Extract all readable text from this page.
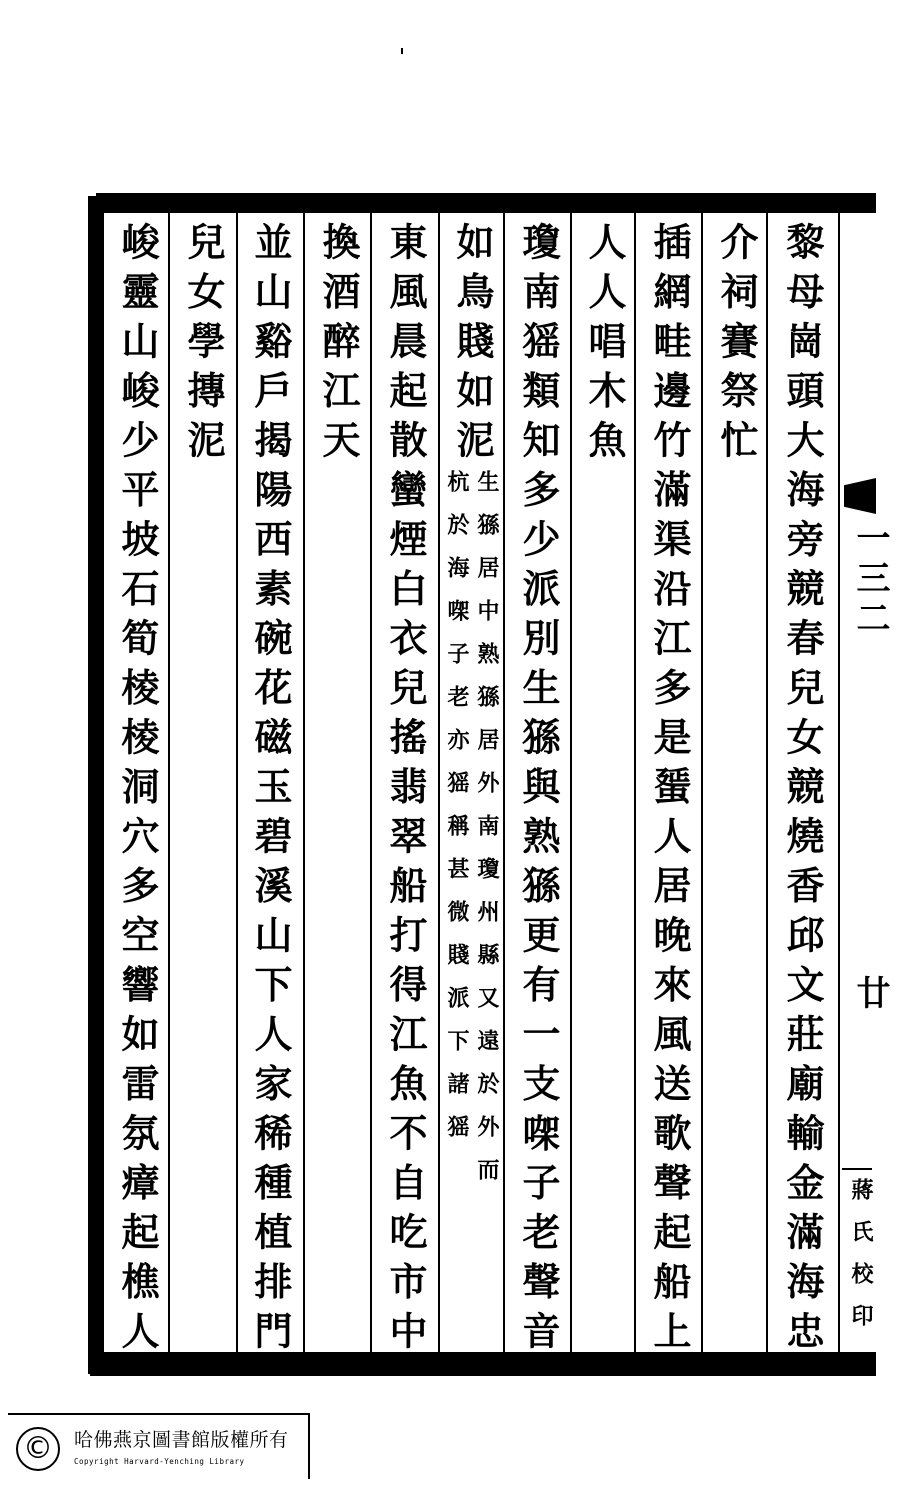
黎母崗頭大海旁競春兒女競燒香邱文莊廟輸金滿海忠
介祠賽祭忙
插網畦邊竹滿渠沿江多是蜑人居晚來風送歌聲起船上
人人唱木魚
瓊南猺類知多少派別生猻與熟猻更有一支㗎子老聲音
如鳥賤如泥
生猻居中熟猻居外南瓊州縣又遠於外而
杭於海㗎子老亦猺稱甚微賤派下諸猺
東風晨起散蠻煙白衣兒搖翡翠船打得江魚不自吃市中
換酒醉江天
並山谿戶揭陽西素碗花磁玉碧溪山下人家稀種植排門
兒女學摶泥
峻靈山峻少平坡石筍棱棱洞穴多空響如雷氛瘴起樵人	一三二
廿
蔣氏校印
©	哈佛燕京圖書館版權所有
Copyright Harvard-Yenching Library
